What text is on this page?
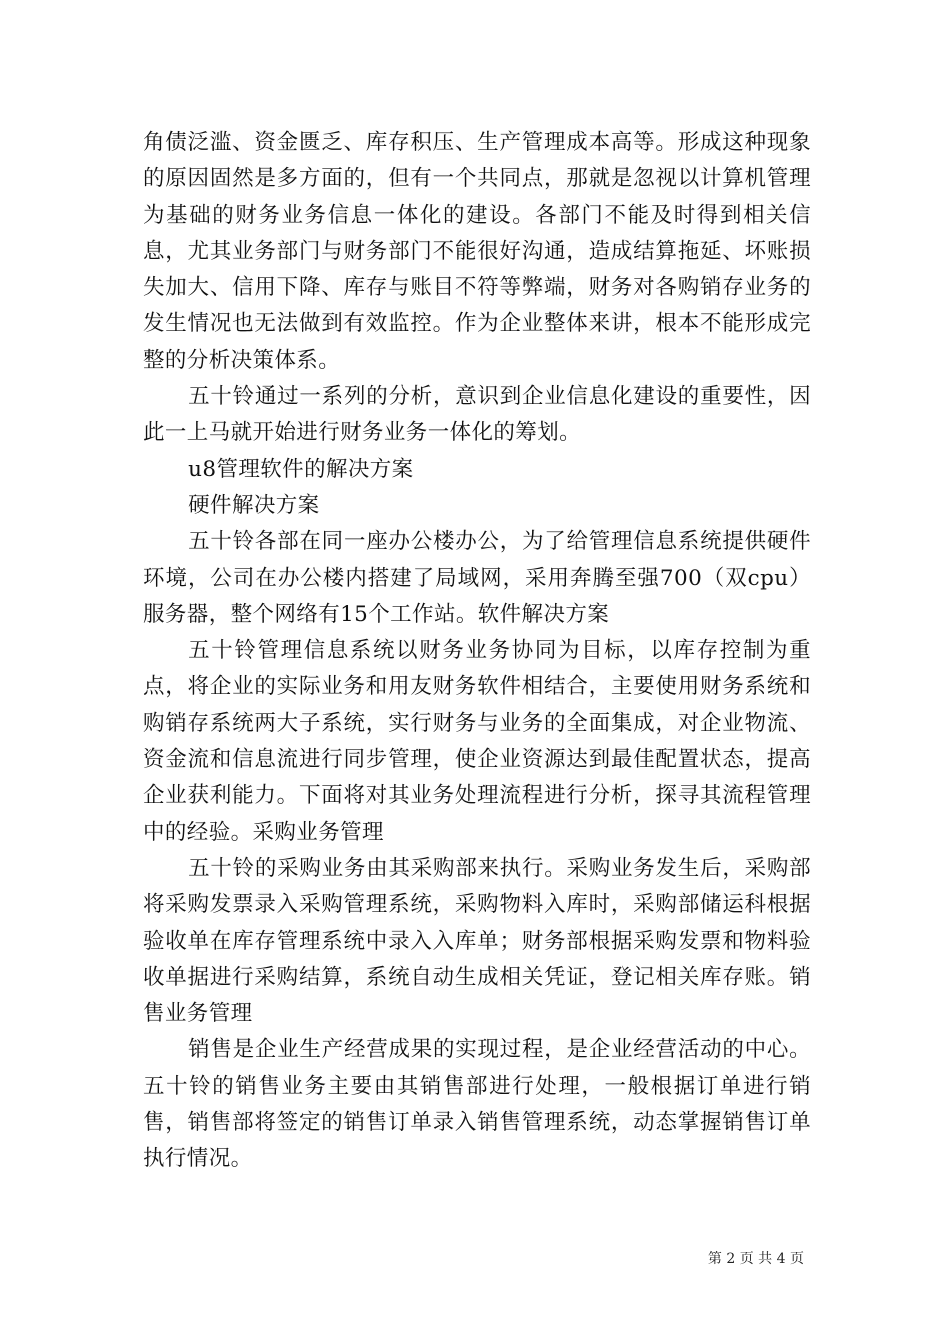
角债泛滥、资金匮乏、库存积压、生产管理成本高等。形成这种现象的原因固然是多方面的，但有一个共同点，那就是忽视以计算机管理为基础的财务业务信息一体化的建设。各部门不能及时得到相关信息，尤其业务部门与财务部门不能很好沟通，造成结算拖延、坏账损失加大、信用下降、库存与账目不符等弊端，财务对各购销存业务的发生情况也无法做到有效监控。作为企业整体来讲，根本不能形成完整的分析决策体系。

五十铃通过一系列的分析，意识到企业信息化建设的重要性，因此一上马就开始进行财务业务一体化的筹划。

u8管理软件的解决方案

硬件解决方案

五十铃各部在同一座办公楼办公，为了给管理信息系统提供硬件环境，公司在办公楼内搭建了局域网，采用奔腾至强700（双cpu）服务器，整个网络有15个工作站。软件解决方案

五十铃管理信息系统以财务业务协同为目标，以库存控制为重点，将企业的实际业务和用友财务软件相结合，主要使用财务系统和购销存系统两大子系统，实行财务与业务的全面集成，对企业物流、资金流和信息流进行同步管理，使企业资源达到最佳配置状态，提高企业获利能力。下面将对其业务处理流程进行分析，探寻其流程管理中的经验。采购业务管理

五十铃的采购业务由其采购部来执行。采购业务发生后，采购部将采购发票录入采购管理系统，采购物料入库时，采购部储运科根据验收单在库存管理系统中录入入库单；财务部根据采购发票和物料验收单据进行采购结算，系统自动生成相关凭证，登记相关库存账。销售业务管理

销售是企业生产经营成果的实现过程，是企业经营活动的中心。五十铃的销售业务主要由其销售部进行处理，一般根据订单进行销售，销售部将签定的销售订单录入销售管理系统，动态掌握销售订单执行情况。

第 2 页 共 4 页
